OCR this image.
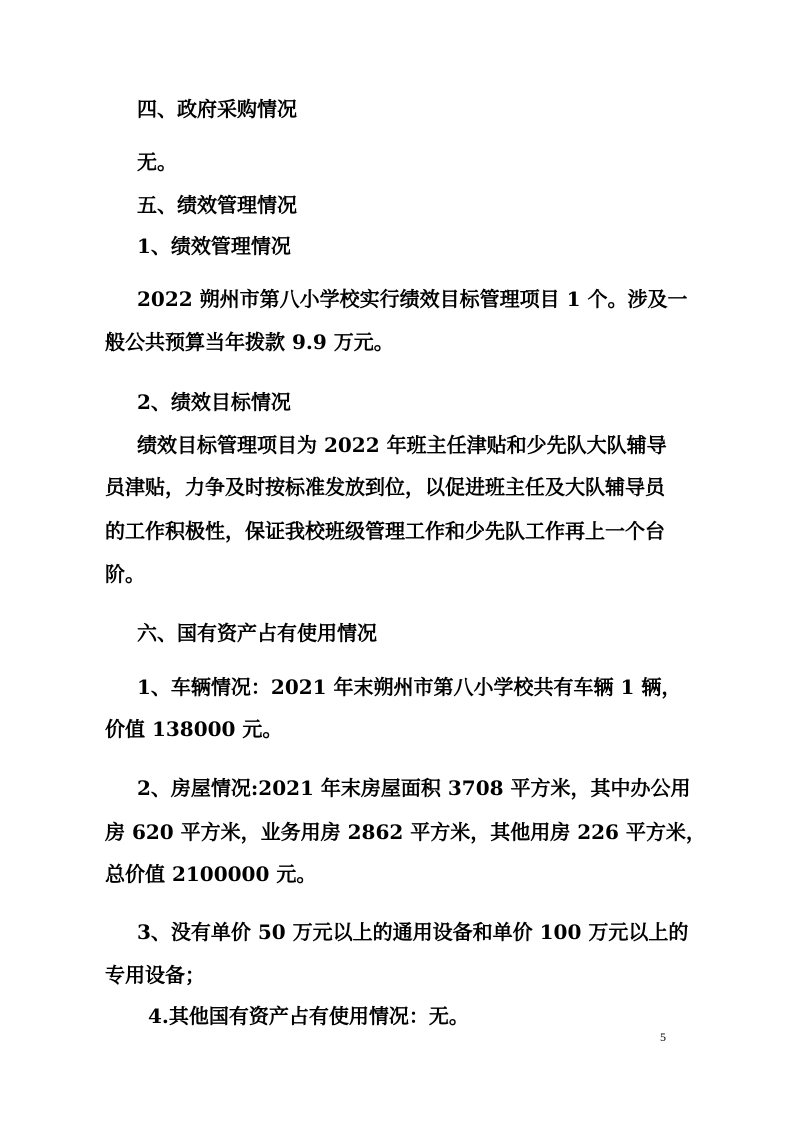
四、政府采购情况

无。

五、绩效管理情况

1、绩效管理情况

2022 朔州市第八小学校实行绩效目标管理项目 1 个。涉及一

般公共预算当年拨款 9.9 万元。

2、绩效目标情况

绩效目标管理项目为 2022 年班主任津贴和少先队大队辅导

员津贴，力争及时按标准发放到位，以促进班主任及大队辅导员

的工作积极性，保证我校班级管理工作和少先队工作再上一个台

阶。

六、国有资产占有使用情况

1、车辆情况：2021 年末朔州市第八小学校共有车辆 1 辆，

价值 138000 元。

2、房屋情况:2021 年末房屋面积 3708 平方米，其中办公用

房 620 平方米，业务用房 2862 平方米，其他用房 226 平方米，

总价值 2100000 元。

3、没有单价 50 万元以上的通用设备和单价 100 万元以上的

专用设备；

4.其他国有资产占有使用情况：无。

5
